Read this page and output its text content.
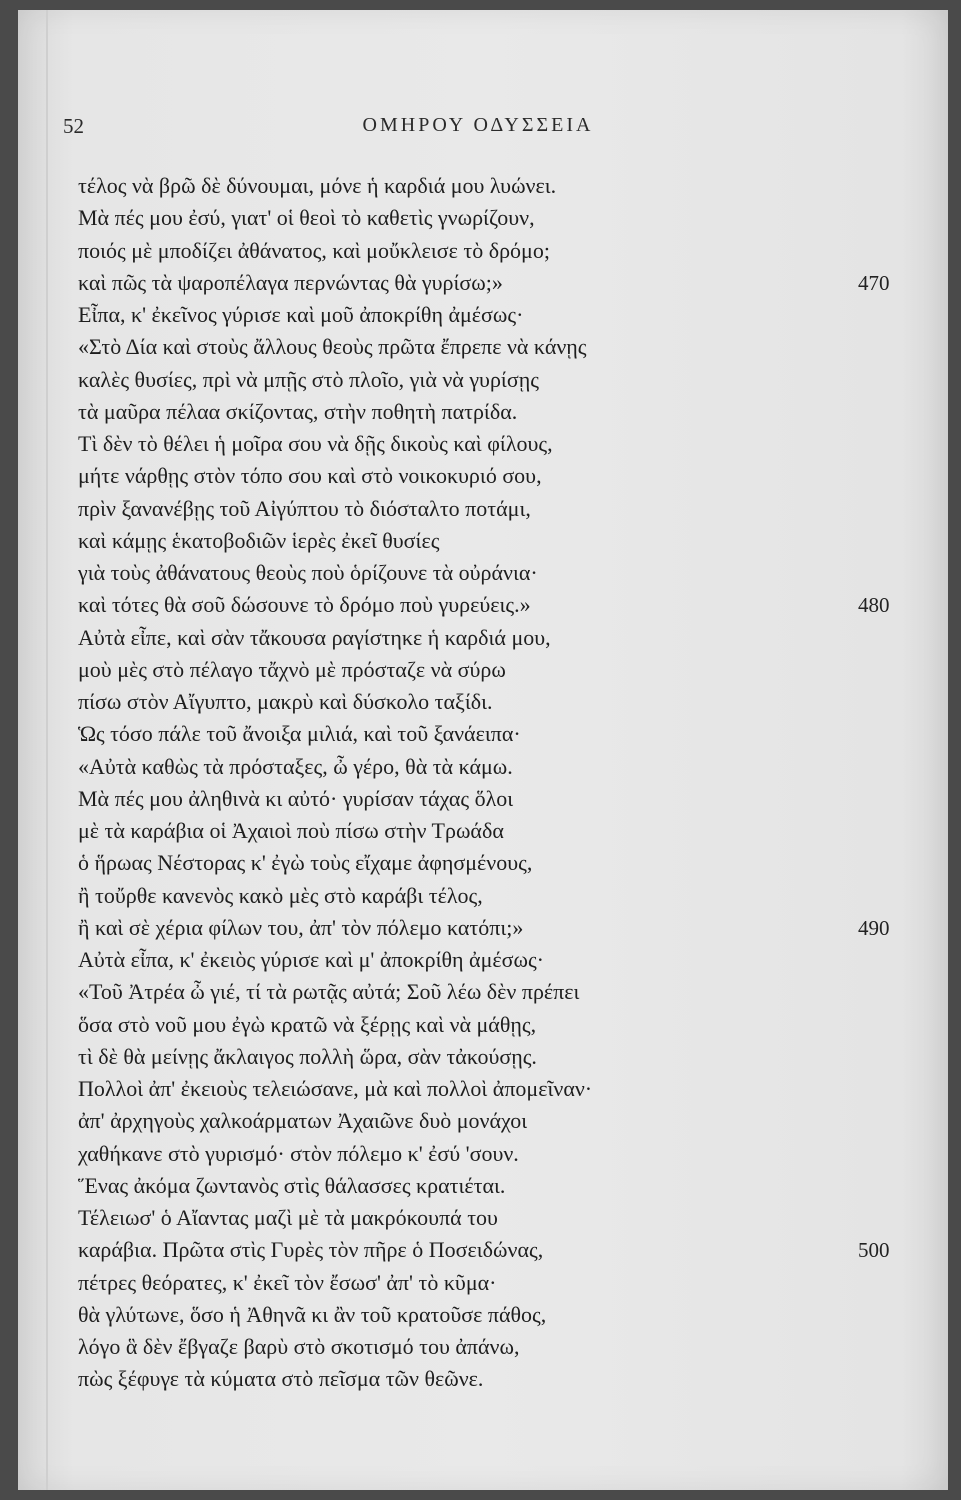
52	ΟΜΗΡΟΥ ΟΔΥΣΣΕΙΑ
τέλος νὰ βρῶ δὲ δύνουμαι, μόνε ἡ καρδιά μου λυώνει.
Μὰ πές μου ἐσύ, γιατ' οἱ θεοὶ τὸ καθετὶς γνωρίζουν,
ποιός μὲ μποδίζει ἀθάνατος, καὶ μοὔκλεισε τὸ δρόμο;
καὶ πῶς τὰ ψαροπέλαγα περνώντας θὰ γυρίσω;»	470
Εἶπα, κ' ἐκεῖνος γύρισε καὶ μοῦ ἀποκρίθη ἀμέσως·
«Στὸ Δία καὶ στοὺς ἄλλους θεοὺς πρῶτα ἔπρεπε νὰ κάνῃς
καλὲς θυσίες, πρὶ νὰ μπῇς στὸ πλοῖο, γιὰ νὰ γυρίσῃς
τὰ μαῦρα πέλαα σκίζοντας, στὴν ποθητὴ πατρίδα.
Τὶ δὲν τὸ θέλει ἡ μοῖρα σου νὰ δῇς δικοὺς καὶ φίλους,
μήτε νάρθῃς στὸν τόπο σου καὶ στὸ νοικοκυριό σου,
πρὶν ξανανέβῃς τοῦ Αἰγύπτου τὸ διόσταλτο ποτάμι,
καὶ κάμῃς ἑκατοβοδιῶν ἱερὲς ἐκεῖ θυσίες
γιὰ τοὺς ἀθάνατους θεοὺς ποὺ ὁρίζουνε τὰ οὐράνια·
καὶ τότες θὰ σοῦ δώσουνε τὸ δρόμο ποὺ γυρεύεις.»	480
Αὐτὰ εἶπε, καὶ σὰν τἄκουσα ραγίστηκε ἡ καρδιά μου,
μοὺ μὲς στὸ πέλαγο τἄχνὸ μὲ πρόσταζε νὰ σύρω
πίσω στὸν Αἴγυπτο, μακρὺ καὶ δύσκολο ταξίδι.
Ὡς τόσο πάλε τοῦ ἄνοιξα μιλιά, καὶ τοῦ ξανάειπα·
«Αὐτὰ καθὼς τὰ πρόσταξες, ὦ γέρο, θὰ τὰ κάμω.
Μὰ πές μου ἀληθινὰ κι αὐτό· γυρίσαν τάχας ὅλοι
μὲ τὰ καράβια οἱ Ἀχαιοὶ ποὺ πίσω στὴν Τρωάδα
ὁ ἥρωας Νέστορας κ' ἐγὼ τοὺς εἴχαμε ἀφησμένους,
ἢ τοὔρθε κανενὸς κακὸ μὲς στὸ καράβι τέλος,
ἢ καὶ σὲ χέρια φίλων του, ἀπ' τὸν πόλεμο κατόπι;»	490
Αὐτὰ εἶπα, κ' ἐκειὸς γύρισε καὶ μ' ἀποκρίθη ἀμέσως·
«Τοῦ Ἀτρέα ὦ γιέ, τί τὰ ρωτᾷς αὐτά; Σοῦ λέω δὲν πρέπει
ὅσα στὸ νοῦ μου ἐγὼ κρατῶ νὰ ξέρῃς καὶ νὰ μάθῃς,
τὶ δὲ θὰ μείνῃς ἄκλαιγος πολλὴ ὥρα, σὰν τἀκούσῃς.
Πολλοὶ ἀπ' ἐκειοὺς τελειώσανε, μὰ καὶ πολλοὶ ἀπομεῖναν·
ἀπ' ἀρχηγοὺς χαλκοάρματων Ἀχαιῶνε δυὸ μονάχοι
χαθήκανε στὸ γυρισμό· στὸν πόλεμο κ' ἐσύ 'σουν.
Ἕνας ἀκόμα ζωντανὸς στὶς θάλασσες κρατιέται.
Τέλειωσ' ὁ Αἴαντας μαζὶ μὲ τὰ μακρόκουπά του
καράβια. Πρῶτα στὶς Γυρὲς τὸν πῆρε ὁ Ποσειδώνας,	500
πέτρες θεόρατες, κ' ἐκεῖ τὸν ἔσωσ' ἀπ' τὸ κῦμα·
θὰ γλύτωνε, ὅσο ἡ Ἀθηνᾶ κι ἂν τοῦ κρατοῦσε πάθος,
λόγο ἃ δὲν ἔβγαζε βαρὺ στὸ σκοτισμό του ἀπάνω,
πὼς ξέφυγε τὰ κύματα στὸ πεῖσμα τῶν θεῶνε.
